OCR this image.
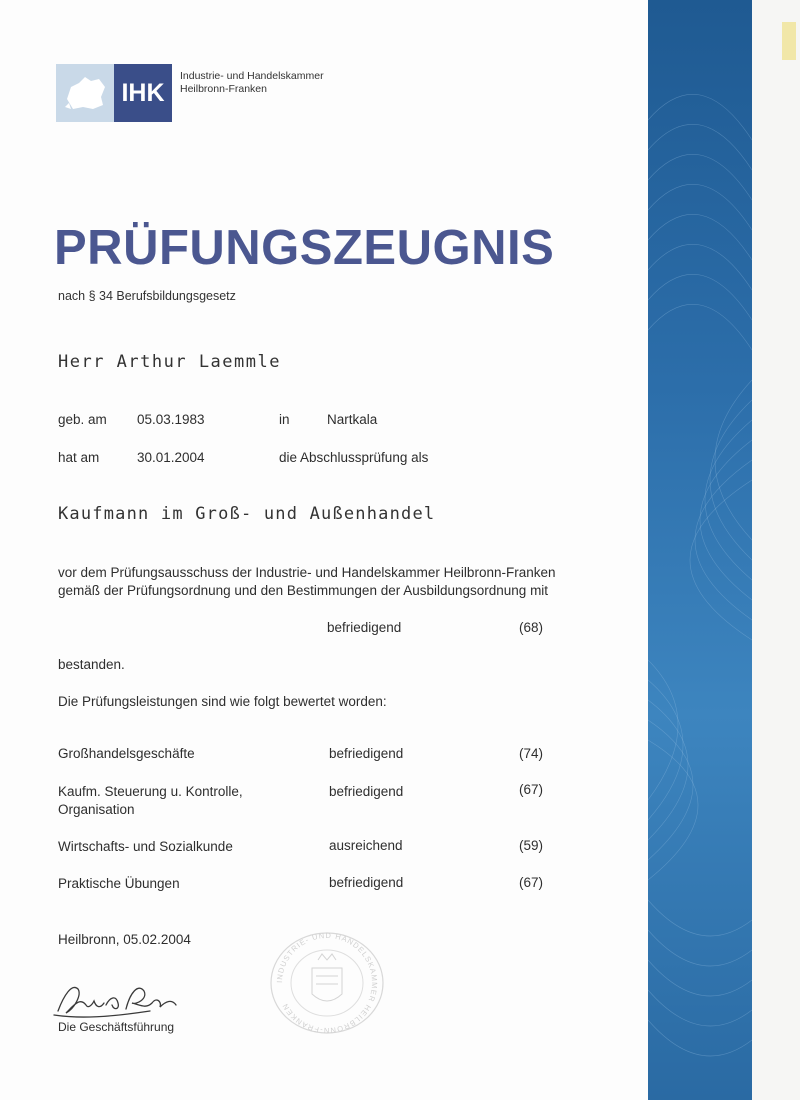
IHK
Industrie- und Handelskammer
Heilbronn-Franken
PRÜFUNGSZEUGNIS
nach § 34 Berufsbildungsgesetz
Herr Arthur Laemmle
geb. am 05.03.1983	in	Nartkala
hat am	30.01.2004	die Abschlussprüfung als
Kaufmann im Groß- und Außenhandel
vor dem Prüfungsausschuss der Industrie- und Handelskammer Heilbronn-Franken
gemäß der Prüfungsordnung und den Bestimmungen der Ausbildungsordnung mit
befriedigend	(68)
bestanden.
Die Prüfungsleistungen sind wie folgt bewertet worden:
Großhandelsgeschäfte	befriedigend	(74)
Kaufm. Steuerung u. Kontrolle,
Organisation
befriedigend	(67)
Wirtschafts- und Sozialkunde	ausreichend	(59)
Praktische Übungen	befriedigend	(67)
Heilbronn, 05.02.2004
Die Geschäftsführung
INDUSTRIE- UND HANDELSKAMMER HEILBRONN-FRANKEN
